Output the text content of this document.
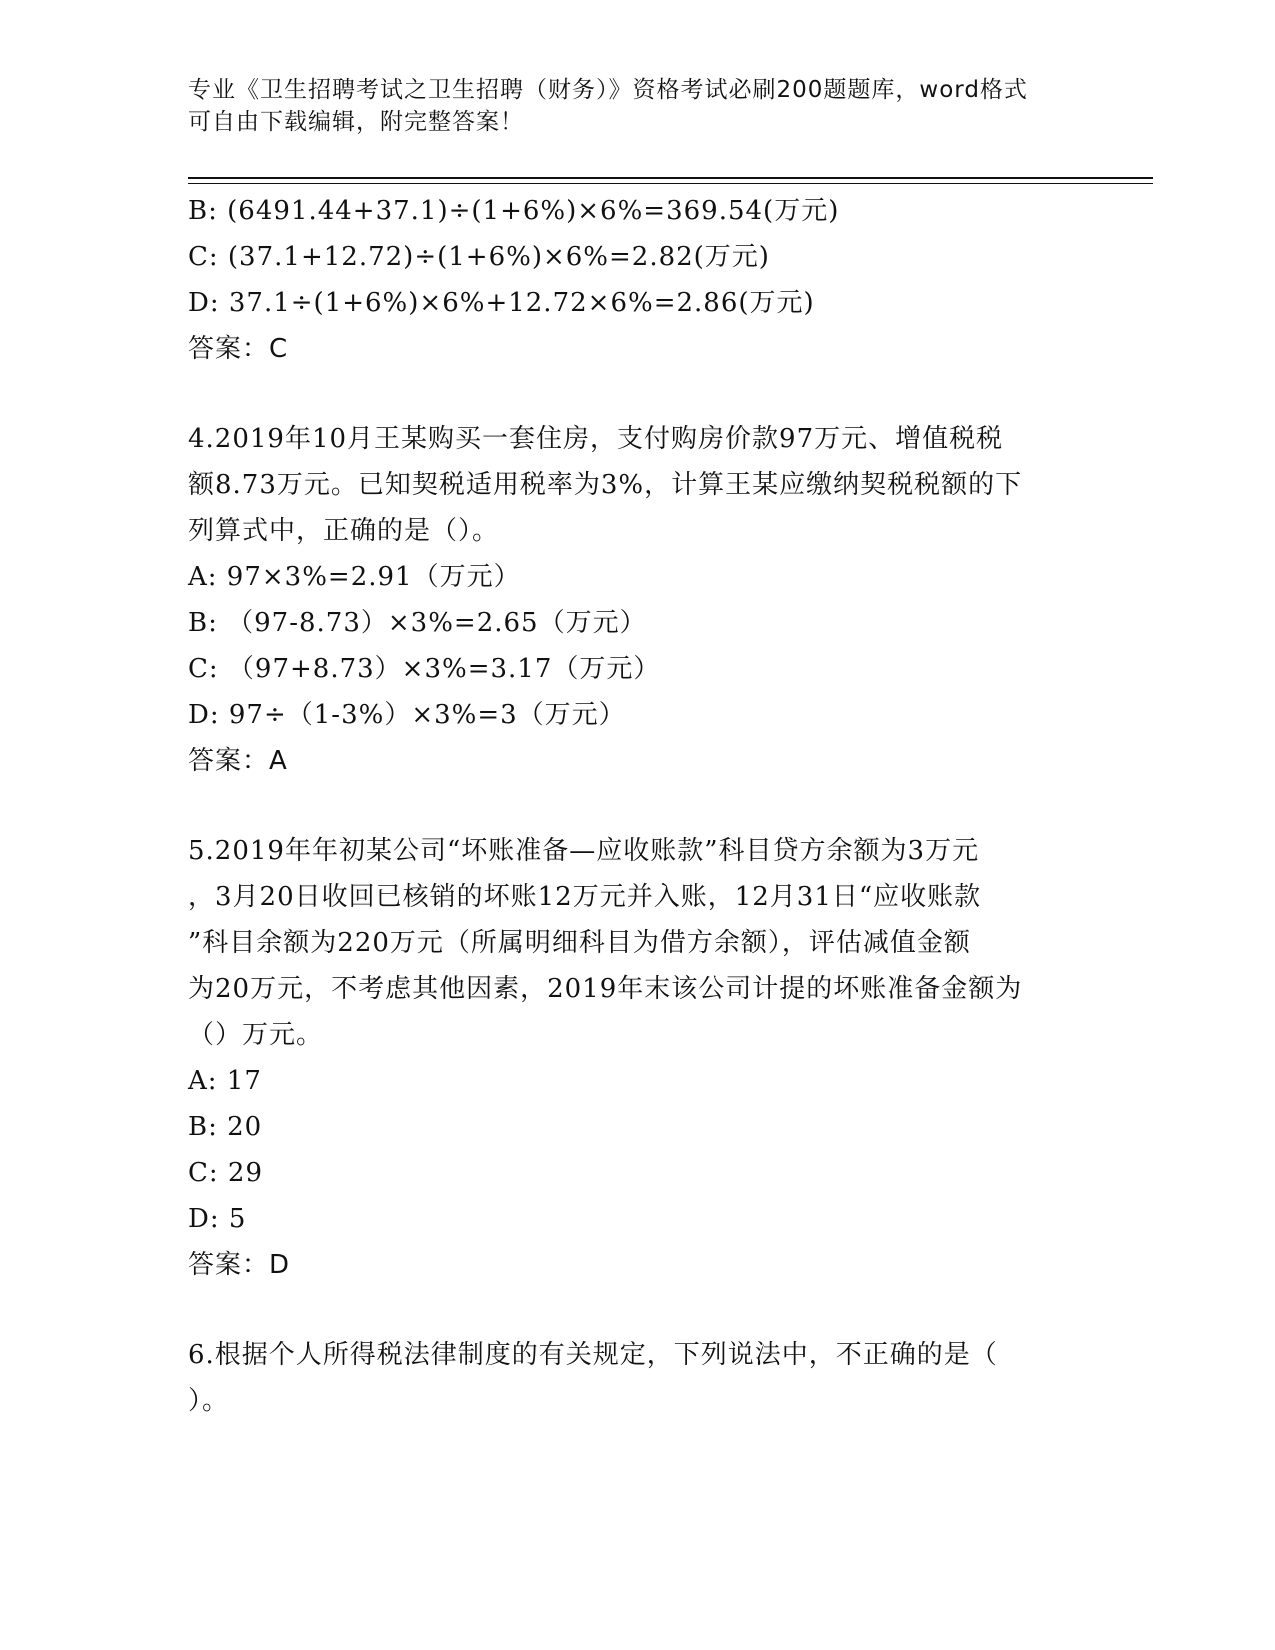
专业《卫生招聘考试之卫生招聘（财务）》资格考试必刷200题题库，word格式
可自由下载编辑，附完整答案！
B: (6491.44+37.1)÷(1+6%)×6%=369.54(万元)
C: (37.1+12.72)÷(1+6%)×6%=2.82(万元)
D: 37.1÷(1+6%)×6%+12.72×6%=2.86(万元)
答案：C
4.2019年10月王某购买一套住房，支付购房价款97万元、增值税税
额8.73万元。已知契税适用税率为3%，计算王某应缴纳契税税额的下
列算式中，正确的是（）。
A: 97×3%=2.91（万元）
B: （97-8.73）×3%=2.65（万元）
C: （97+8.73）×3%=3.17（万元）
D: 97÷（1-3%）×3%=3（万元）
答案：A
5.2019年年初某公司“坏账准备—应收账款”科目贷方余额为3万元
，3月20日收回已核销的坏账12万元并入账，12月31日“应收账款
”科目余额为220万元（所属明细科目为借方余额），评估减值金额
为20万元，不考虑其他因素，2019年末该公司计提的坏账准备金额为
（）万元。
A: 17
B: 20
C: 29
D: 5
答案：D
6.根据个人所得税法律制度的有关规定，下列说法中，不正确的是（
）。
